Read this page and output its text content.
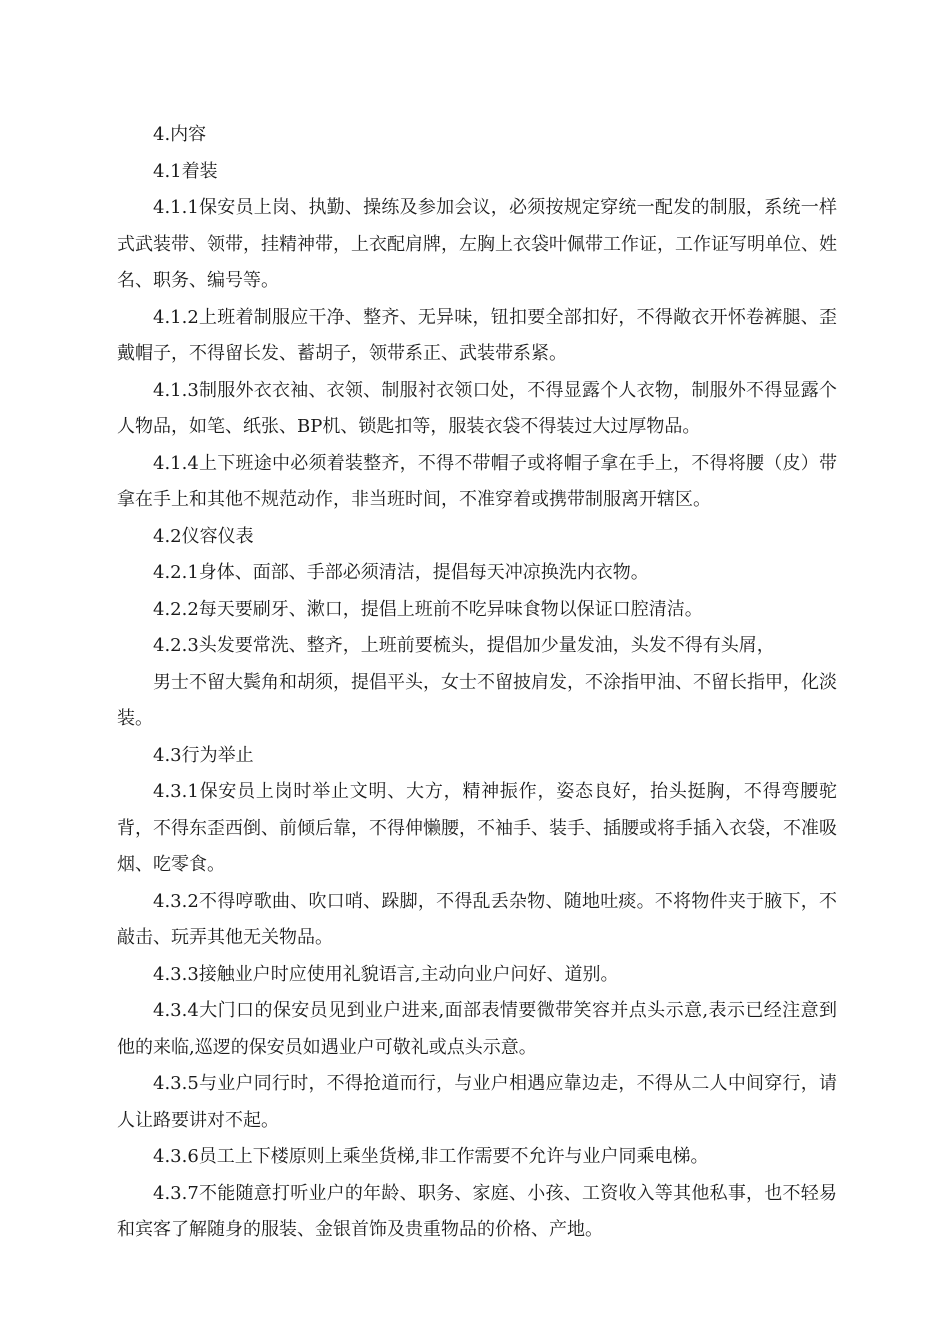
4.内容

4.1着装

4.1.1保安员上岗、执勤、操练及参加会议，必须按规定穿统一配发的制服，系统一样式武装带、领带，挂精神带，上衣配肩牌，左胸上衣袋叶佩带工作证，工作证写明单位、姓名、职务、编号等。

4.1.2上班着制服应干净、整齐、无异味，钮扣要全部扣好，不得敞衣开怀卷裤腿、歪戴帽子，不得留长发、蓄胡子，领带系正、武装带系紧。

4.1.3制服外衣衣袖、衣领、制服衬衣领口处，不得显露个人衣物，制服外不得显露个人物品，如笔、纸张、BP机、锁匙扣等，服装衣袋不得装过大过厚物品。

4.1.4上下班途中必须着装整齐，不得不带帽子或将帽子拿在手上，不得将腰（皮）带拿在手上和其他不规范动作，非当班时间，不准穿着或携带制服离开辖区。

4.2仪容仪表

4.2.1身体、面部、手部必须清洁，提倡每天冲凉换洗内衣物。

4.2.2每天要刷牙、漱口，提倡上班前不吃异味食物以保证口腔清洁。

4.2.3头发要常洗、整齐，上班前要梳头，提倡加少量发油，头发不得有头屑，

男士不留大鬓角和胡须，提倡平头，女士不留披肩发，不涂指甲油、不留长指甲，化淡装。

4.3行为举止

4.3.1保安员上岗时举止文明、大方，精神振作，姿态良好，抬头挺胸，不得弯腰驼背，不得东歪西倒、前倾后靠，不得伸懒腰，不袖手、装手、插腰或将手插入衣袋，不准吸烟、吃零食。

4.3.2不得哼歌曲、吹口哨、跺脚，不得乱丢杂物、随地吐痰。不将物件夹于腋下，不敲击、玩弄其他无关物品。

4.3.3接触业户时应使用礼貌语言,主动向业户问好、道别。

4.3.4大门口的保安员见到业户进来,面部表情要微带笑容并点头示意,表示已经注意到他的来临,巡逻的保安员如遇业户可敬礼或点头示意。

4.3.5与业户同行时，不得抢道而行，与业户相遇应靠边走，不得从二人中间穿行，请人让路要讲对不起。

4.3.6员工上下楼原则上乘坐货梯,非工作需要不允许与业户同乘电梯。

4.3.7不能随意打听业户的年龄、职务、家庭、小孩、工资收入等其他私事，也不轻易和宾客了解随身的服装、金银首饰及贵重物品的价格、产地。
